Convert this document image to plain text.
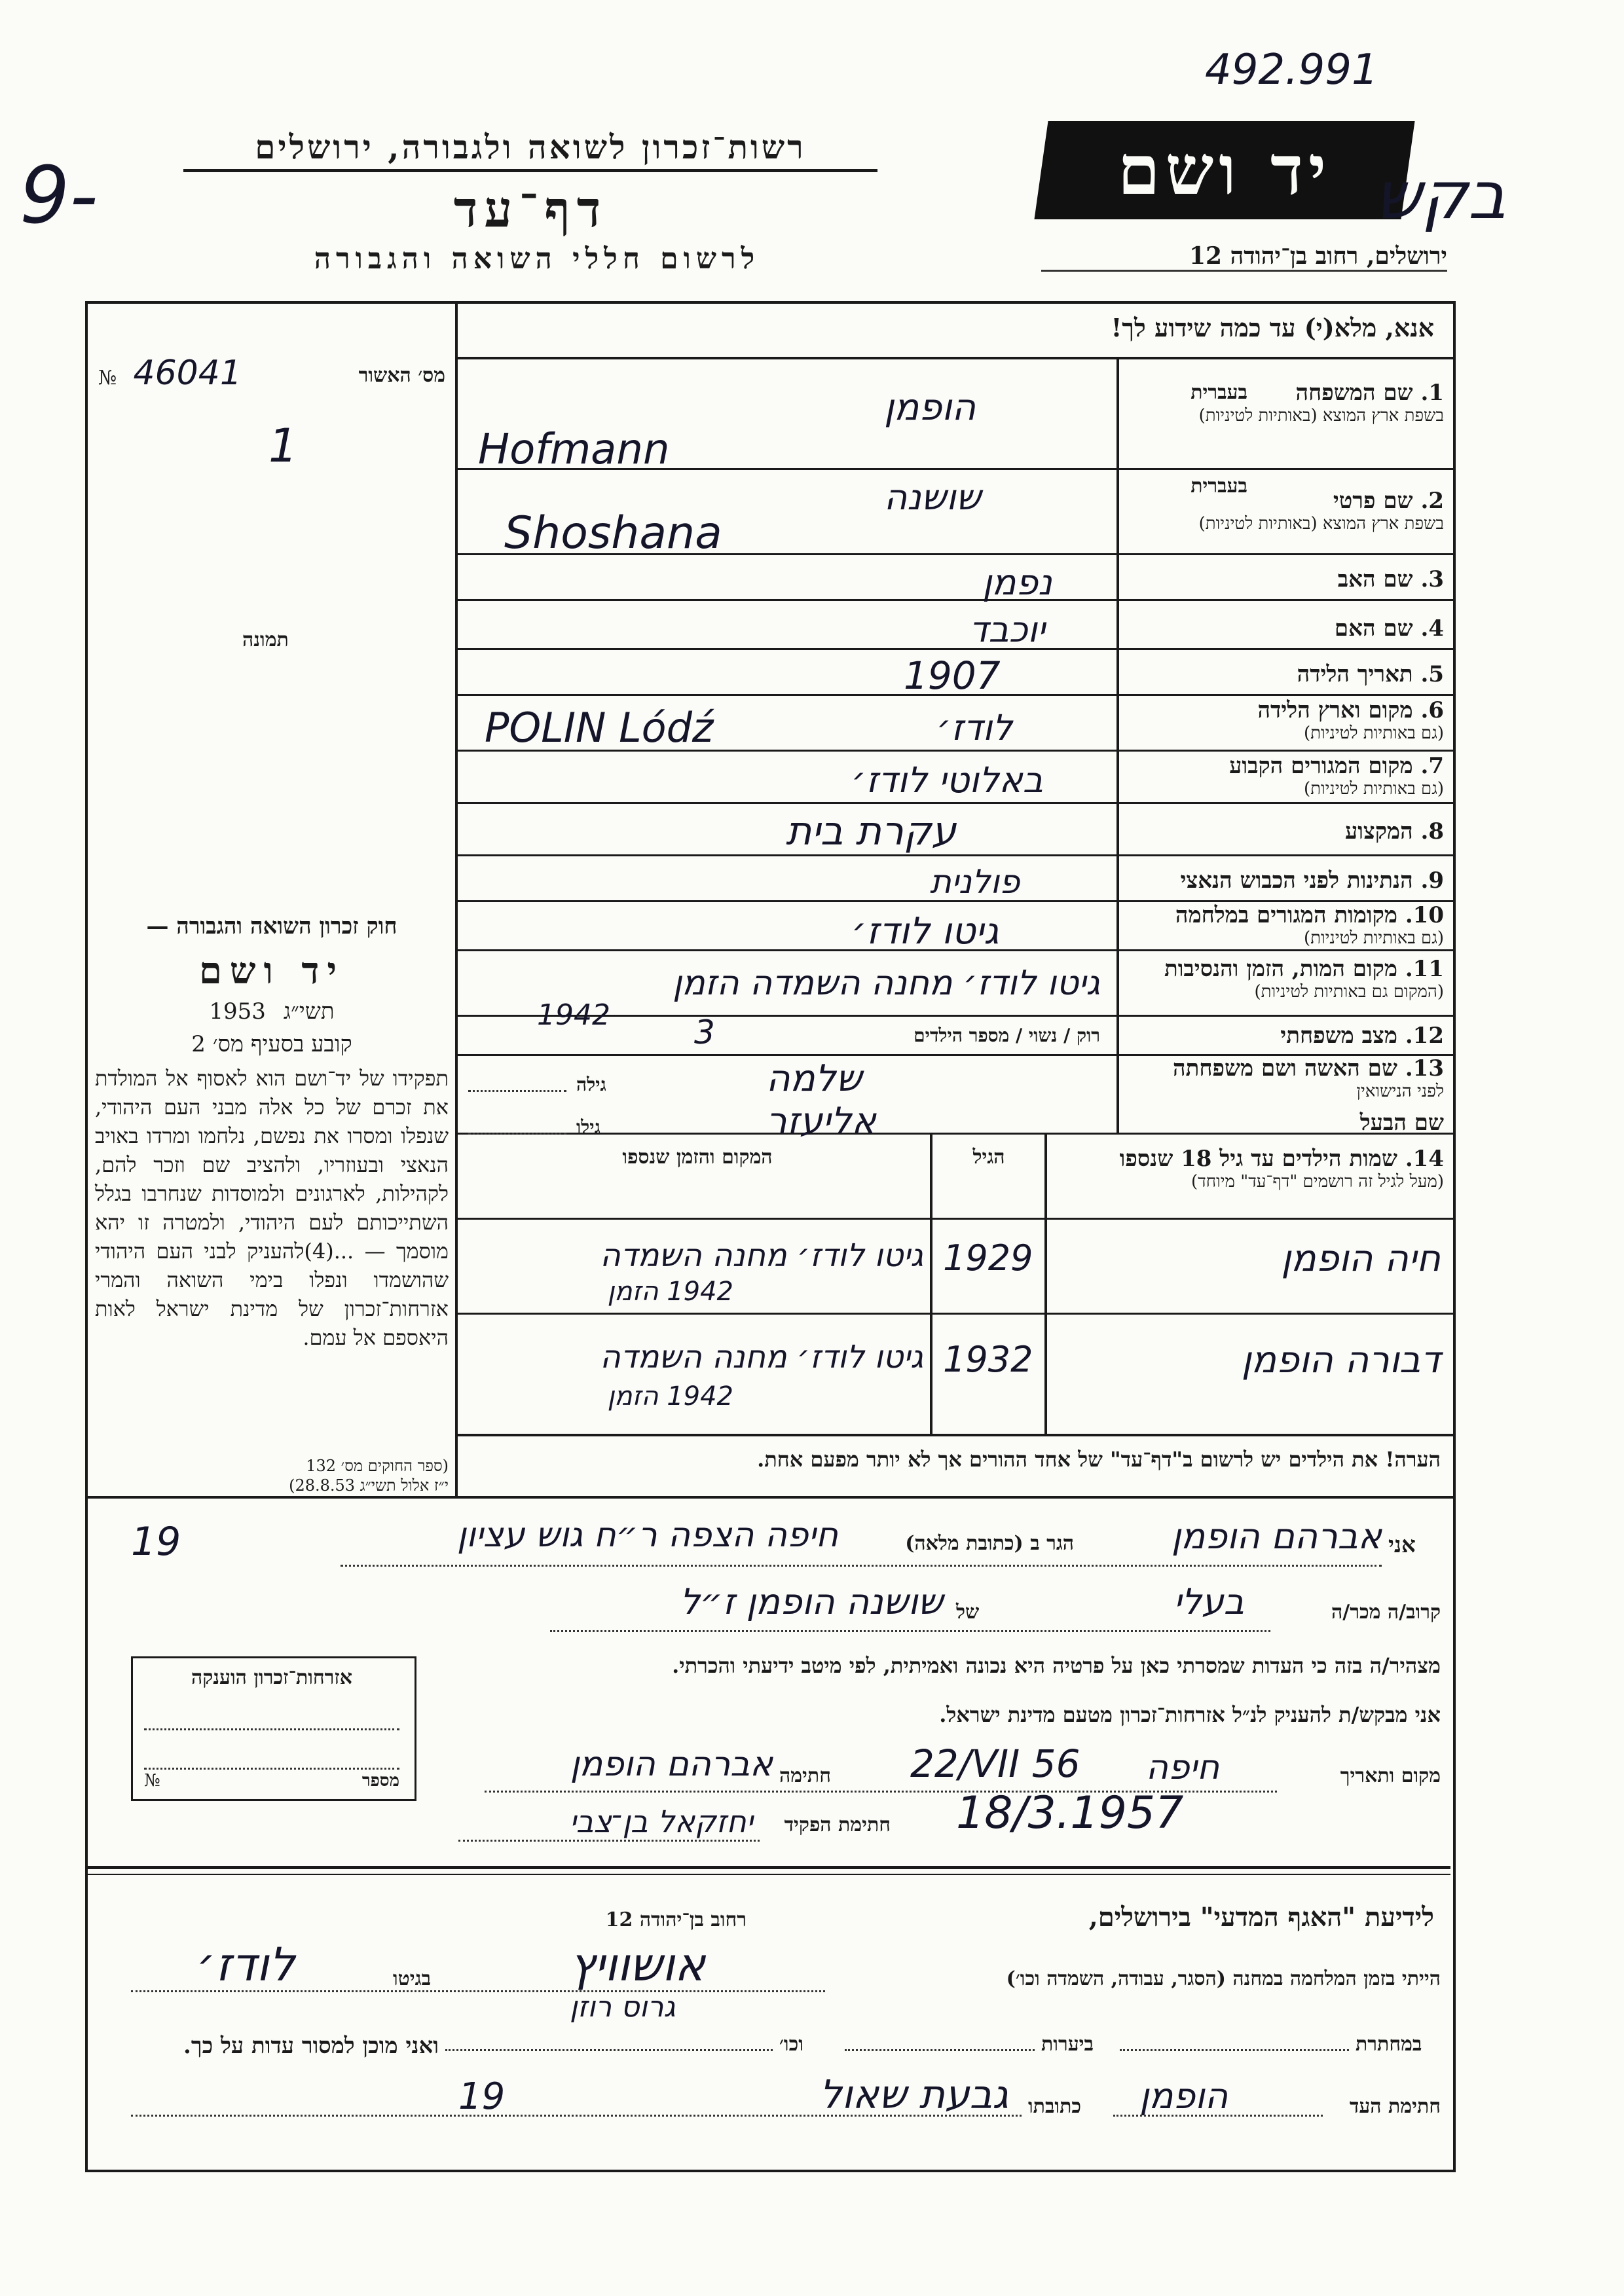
492.991
9-
רשות־זכרון לשואה ולגבורה, ירושלים
דף־עד
לרשום חללי השואה והגבורה
יד ושם בקש
ירושלים, רחוב בן־יהודה 12
אנא, מלא(י) עד כמה שידוע לך!
№ 46041	מס׳ האשור
1
תמונה
1. שם המשפחה
בשפת ארץ המוצא (באותיות לטיניות)
בעברית
הופמן
Hofmann
2. שם פרטי
בשפת ארץ המוצא (באותיות לטיניות)
בעברית
שושנה
Shoshana
3. שם האב
נפמן
4. שם האם
יוכבד
5. תאריך הלידה
1907
6. מקום וארץ הלידה
(גם באותיות לטיניות)
לודז׳
POLIN Lódź
7. מקום המגורים הקבוע
(גם באותיות לטיניות)
באלוטי לודז׳
8. המקצוע
עקרת בית
9. הנתינות לפני הכבוש הנאצי
פולנית
10. מקומות המגורים במלחמה
(גם באותיות לטיניות)
גיטו לודז׳
11. מקום המות, הזמן והנסיבות
(המקום גם באותיות לטיניות)
גיטו לודז׳ מחנה השמדה הזמן
1942
12. מצב משפחתי
רוק / נשוי / מספר הילדים
3
13. שם האשה ושם משפחתה
לפני הנישואין
גילה	שלמה
שם הבעל
גילו	אליעזר
14. שמות הילדים עד גיל 18 שנספו
(מעל לגיל זה רושמים "דף־עד" מיוחד)
הגיל
המקום והזמן שנספו
חיה הופמן
1929
גיטו לודז׳ מחנה השמדה
1942 הזמן
דבורה הופמן
1932
גיטו לודז׳ מחנה השמדה
1942 הזמן
הערה! את הילדים יש לרשום ב"דף־עד" של אחד ההורים אך לא יותר מפעם אחת.
חוק זכרון השואה והגבורה —
יד ושם
תשי״ג 1953
קובע בסעיף מס׳ 2
תפקידו של יד־ושם הוא לאסוף אל המולדת את זכרם של כל אלה מבני העם היהודי, שנפלו ומסרו את נפשם, נלחמו ומרדו באויב הנאצי ובעוזריו, ולהציב שם וזכר להם, לקהילות, לארגונים ולמוסדות שנחרבו בגלל השתייכותם לעם היהודי, ולמטרה זו יהא מוסמך — ...(4)להעניק לבני העם היהודי שהושמדו ונפלו בימי השואה והמרי אזרחות־זכרון של מדינת ישראל לאות היאספם אל עמם.
(ספר החוקים מס׳ 132
י״ז אלול תשי״ג 28.8.53)
אני
אברהם הופמן
הגר ב (כתובת מלאה)
חיפה הצפה ר״ח גוש עציון
19
קרוב/ה מכר/ה
בעלי
של
שושנה הופמן ז״ל
מצהיר/ה בזה כי העדות שמסרתי כאן על פרטיה היא נכונה ואמיתית, לפי מיטב ידיעתי והכרתי.
אני מבקש/ת להעניק לנ״ל אזרחות־זכרון מטעם מדינת ישראל.
אזרחות־זכרון הוענקה
№	מספר	מקום ותאריך
חיפה
22/VII 56
חתימה
אברהם הופמן
חתימת הפקיד
יחזקאל בן־צבי	18/3.1957
לידיעת "האגף המדעי" בירושלים,
רחוב בן־יהודה 12
הייתי בזמן המלחמה במחנה (הסגר, עבודה, השמדה וכו׳)
אושוויץ
גרוס רוזן
בגיטו
לודז׳
במחתרת
ביערות
וכו׳
ואני מוכן למסור עדות על כך.
חתימת העד
הופמן
כתובתו
גבעת שאול
19
